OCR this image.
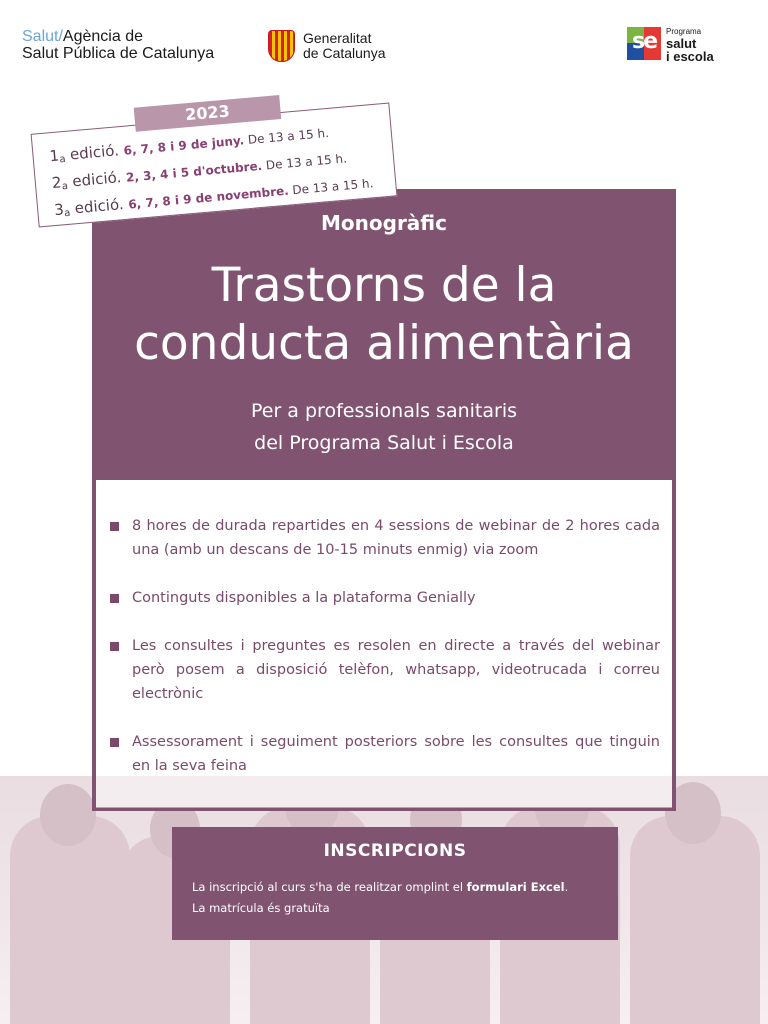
Salut/Agència de
Salut Pública de Catalunya
Generalitat
de Catalunya	se	Programa
salut
i escola
Monogràfic
Trastorns de la
conducta alimentària
Per a professionals sanitaris
del Programa Salut i Escola
8 hores de durada repartides en 4 sessions de webinar de 2 hores cada una (amb un descans de 10-15 minuts enmig) via zoom
Continguts disponibles a la plataforma Genially
Les consultes i preguntes es resolen en directe a través del webinar però posem a disposició telèfon, whatsapp, videotrucada i correu electrònic
Assessorament i seguiment posteriors sobre les consultes que tinguin en la seva feina
2023
$1_a$ edició. 6, 7, 8 i 9 de juny. De 13 a 15 h.
$2_a$ edició. 2, 3, 4 i 5 d'octubre. De 13 a 15 h.
$3_a$ edició. 6, 7, 8 i 9 de novembre. De 13 a 15 h.
INSCRIPCIONS
La inscripció al curs s'ha de realitzar omplint el formulari Excel.
La matrícula és gratuïta
